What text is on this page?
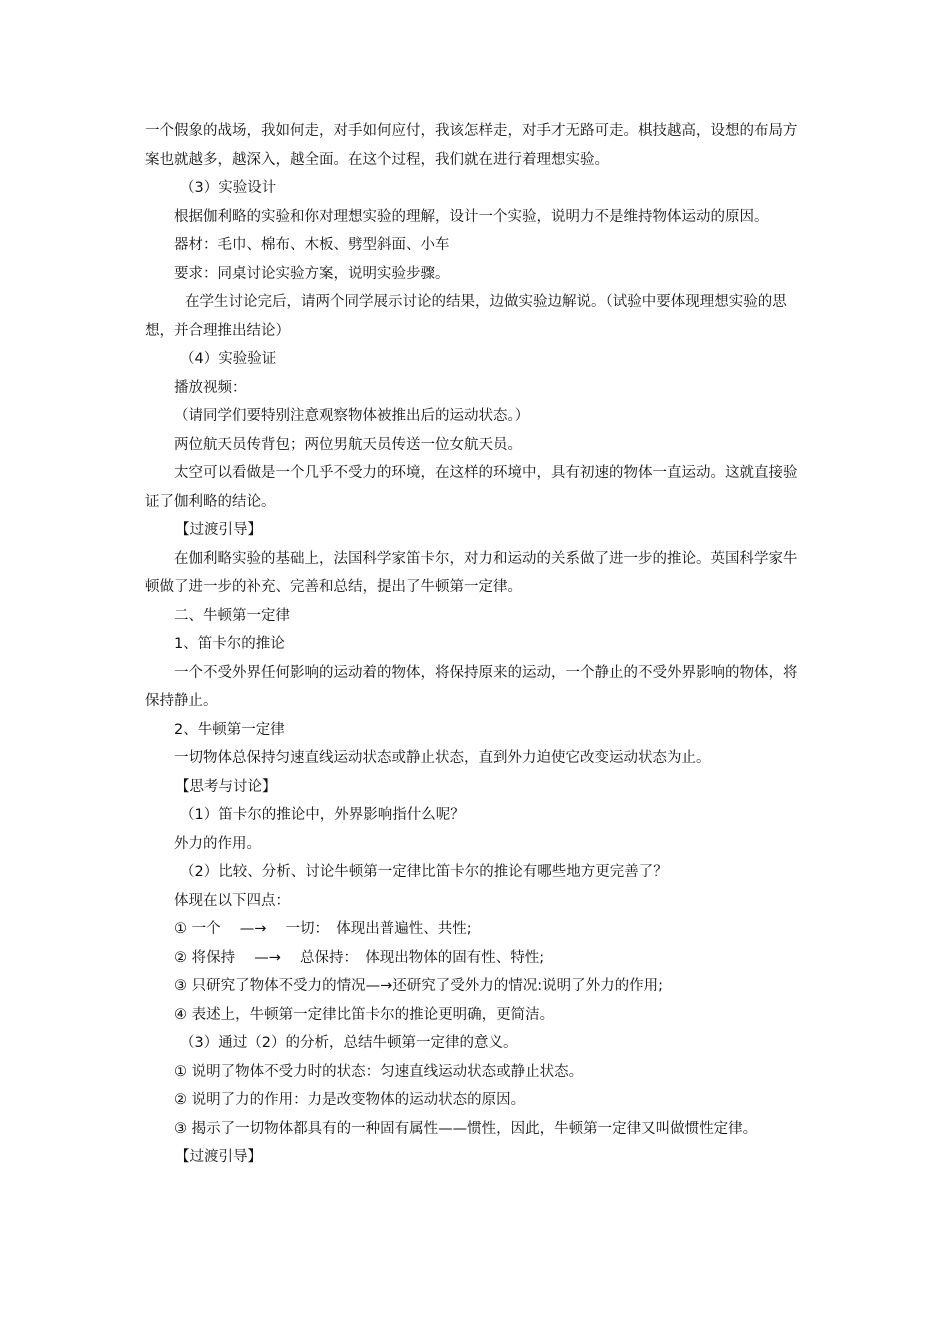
一个假象的战场，我如何走，对手如何应付，我该怎样走，对手才无路可走。棋技越高，设想的布局方案也就越多，越深入，越全面。在这个过程，我们就在进行着理想实验。

（3）实验设计

根据伽利略的实验和你对理想实验的理解，设计一个实验，说明力不是维持物体运动的原因。

器材：毛巾、棉布、木板、劈型斜面、小车

要求：同桌讨论实验方案，说明实验步骤。

在学生讨论完后，请两个同学展示讨论的结果，边做实验边解说。（试验中要体现理想实验的思想，并合理推出结论）

（4）实验验证

播放视频：

（请同学们要特别注意观察物体被推出后的运动状态。）

两位航天员传背包；两位男航天员传送一位女航天员。

太空可以看做是一个几乎不受力的环境，在这样的环境中，具有初速的物体一直运动。这就直接验证了伽利略的结论。

【过渡引导】

在伽利略实验的基础上，法国科学家笛卡尔，对力和运动的关系做了进一步的推论。英国科学家牛顿做了进一步的补充、完善和总结，提出了牛顿第一定律。

二、牛顿第一定律

1、笛卡尔的推论

一个不受外界任何影响的运动着的物体，将保持原来的运动，一个静止的不受外界影响的物体，将保持静止。

2、牛顿第一定律

一切物体总保持匀速直线运动状态或静止状态，直到外力迫使它改变运动状态为止。

【思考与讨论】

（1）笛卡尔的推论中，外界影响指什么呢？

外力的作用。

（2）比较、分析、讨论牛顿第一定律比笛卡尔的推论有哪些地方更完善了？

体现在以下四点：

① 一个　 —→　 一切：　体现出普遍性、共性;

② 将保持　 —→　 总保持：　体现出物体的固有性、特性;

③ 只研究了物体不受力的情况—→还研究了受外力的情况:说明了外力的作用;

④ 表述上，牛顿第一定律比笛卡尔的推论更明确，更简洁。

（3）通过（2）的分析，总结牛顿第一定律的意义。

① 说明了物体不受力时的状态：匀速直线运动状态或静止状态。

② 说明了力的作用：力是改变物体的运动状态的原因。

③ 揭示了一切物体都具有的一种固有属性——惯性，因此，牛顿第一定律又叫做惯性定律。

【过渡引导】
